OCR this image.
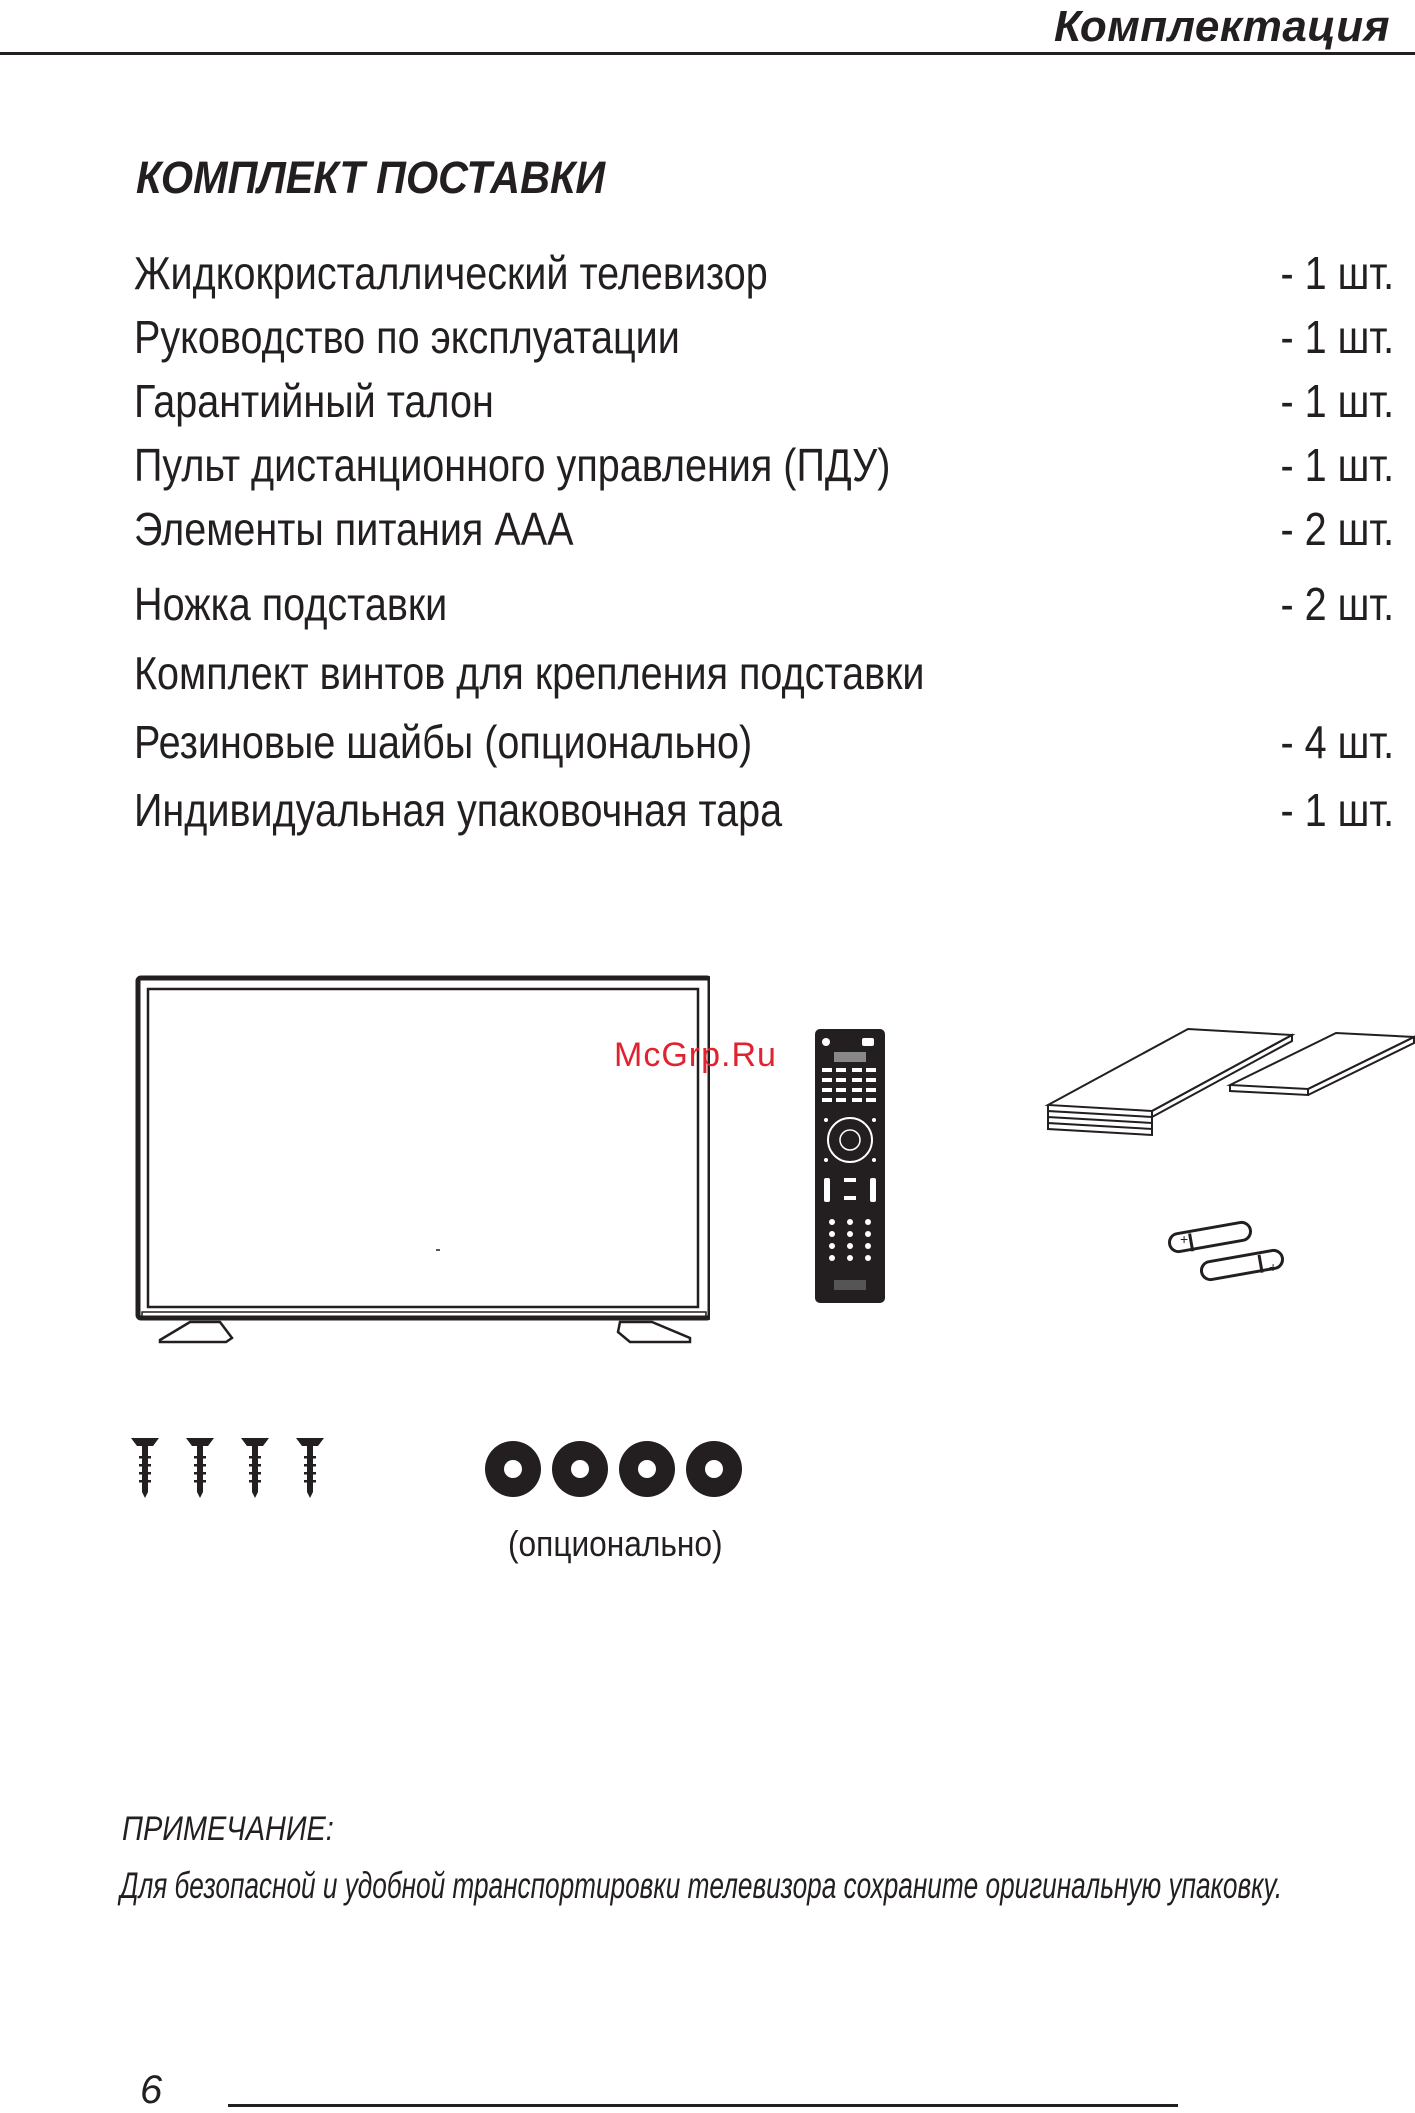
Комплектация
КОМПЛЕКТ ПОСТАВКИ
Жидкокристаллический телевизор	- 1 шт.
Руководство по эксплуатации	- 1 шт.
Гарантийный талон	- 1 шт.
Пульт дистанционного управления (ПДУ)	- 1 шт.
Элементы питания ААА	- 2 шт.
Ножка подставки	- 2 шт.
Комплект винтов для крепления подставки
Резиновые шайбы (опционально)	- 4 шт.
Индивидуальная упаковочная тара	- 1 шт.
+
+
McGrp.Ru
(опционально)
ПРИМЕЧАНИЕ:
Для безопасной и удобной транспортировки телевизора сохраните оригинальную упаковку.
6
